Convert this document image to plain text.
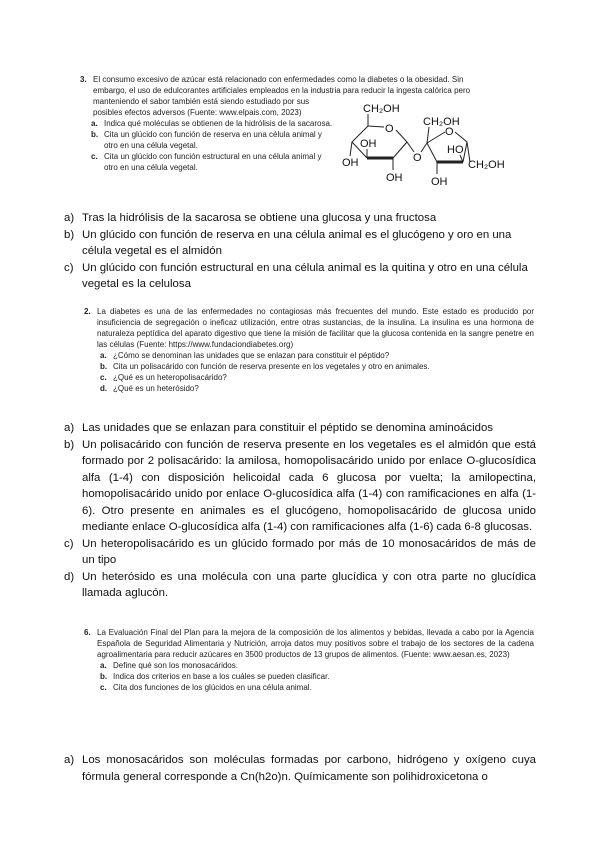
3. El consumo excesivo de azúcar está relacionado con enfermedades como la diabetes o la obesidad. Sin
embargo, el uso de edulcorantes artificiales empleados en la industria para reducir la ingesta calórica pero
manteniendo el sabor también está siendo estudiado por sus
posibles efectos adversos (Fuente: www.elpais.com, 2023)
a. Indica qué moléculas se obtienen de la hidrólisis de la sacarosa.
b. Cita un glúcido con función de reserva en una célula animal y otro en una célula vegetal.
c. Cita un glúcido con función estructural en una célula animal y otro en una célula vegetal.
CH₂OH
O
OH
OH
OH
O
CH₂OH
O
HO
CH₂OH
OH
a) Tras la hidrólisis de la sacarosa se obtiene una glucosa y una fructosa
b) Un glúcido con función de reserva en una célula animal es el glucógeno y oro en una célula vegetal es el almidón
c) Un glúcido con función estructural en una célula animal es la quitina y otro en una célula vegetal es la celulosa
2. La diabetes es una de las enfermedades no contagiosas más frecuentes del mundo. Este estado es producido por insuficiencia de segregación o ineficaz utilización, entre otras sustancias, de la insulina. La insulina es una hormona de naturaleza peptídica del aparato digestivo que tiene la misión de facilitar que la glucosa contenida en la sangre penetre en las células (Fuente: https://www.fundaciondiabetes.org)
a. ¿Cómo se denominan las unidades que se enlazan para constituir el péptido?
b. Cita un polisacárido con función de reserva presente en los vegetales y otro en animales.
c. ¿Qué es un heteropolisacárido?
d. ¿Qué es un heterósido?
a) Las unidades que se enlazan para constituir el péptido se denomina aminoácidos
b) Un polisacárido con función de reserva presente en los vegetales es el almidón que está formado por 2 polisacárido: la amilosa, homopolisacárido unido por enlace O-glucosídica alfa (1-4) con disposición helicoidal cada 6 glucosa por vuelta; la amilopectina, homopolisacárido unido por enlace O-glucosídica alfa (1-4) con ramificaciones en alfa (1-6). Otro presente en animales es el glucógeno, homopolisacárido de glucosa unido mediante enlace O-glucosídica alfa (1-4) con ramificaciones alfa (1-6) cada 6-8 glucosas.
c) Un heteropolisacárido es un glúcido formado por más de 10 monosacáridos de más de un tipo
d) Un heterósido es una molécula con una parte glucídica y con otra parte no glucídica llamada aglucón.
6. La Evaluación Final del Plan para la mejora de la composición de los alimentos y bebidas, llevada a cabo por la Agencia Española de Seguridad Alimentaria y Nutrición, arroja datos muy positivos sobre el trabajo de los sectores de la cadena agroalimentaria para reducir azúcares en 3500 productos de 13 grupos de alimentos. (Fuente: www.aesan.es, 2023)
a. Define qué son los monosacáridos.
b. Indica dos criterios en base a los cuáles se pueden clasificar.
c. Cita dos funciones de los glúcidos en una célula animal.
a) Los monosacáridos son moléculas formadas por carbono, hidrógeno y oxígeno cuya fórmula general corresponde a Cn(h2o)n. Químicamente son polihidroxicetona o
